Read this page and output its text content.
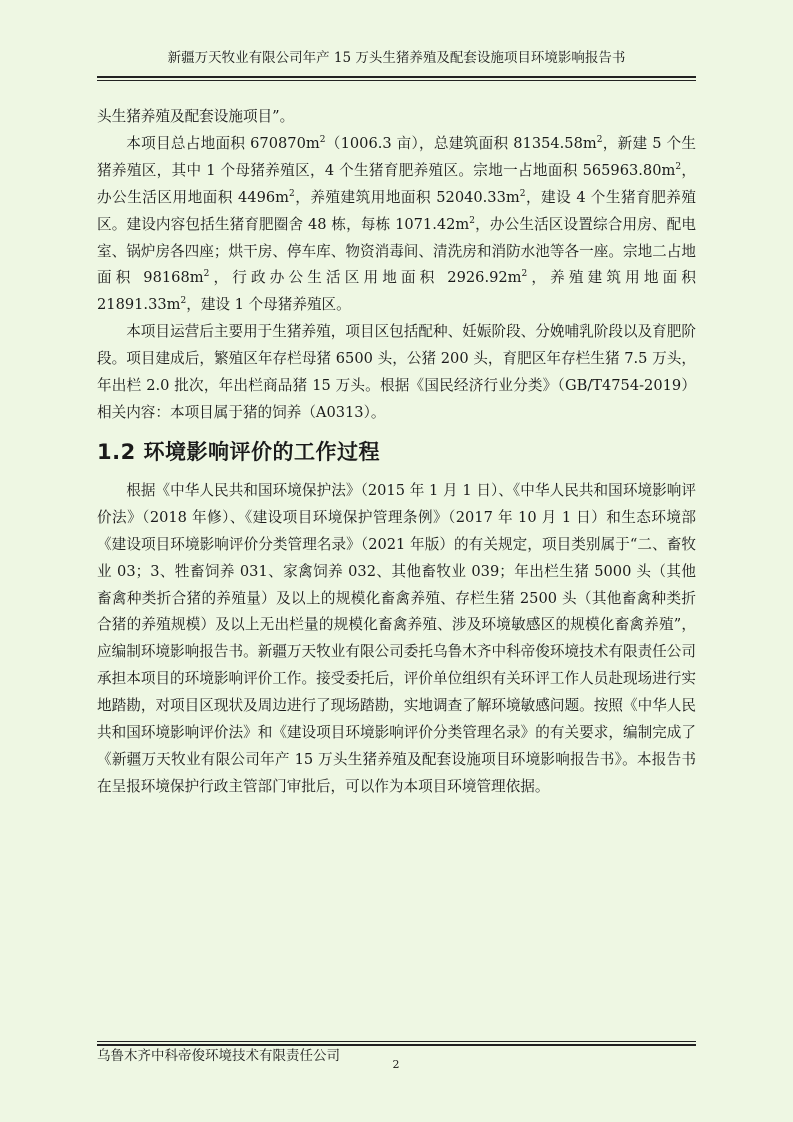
新疆万天牧业有限公司年产 15 万头生猪养殖及配套设施项目环境影响报告书

头生猪养殖及配套设施项目”。

本项目总占地面积 $670870m^2(1006.3$ 亩），总建筑面积 $81354.58m^2$，新建 5 个生猪养殖区，其中 1 个母猪养殖区，4 个生猪育肥养殖区。宗地一占地面积 $565963.80m^2$，办公生活区用地面积 $4496m^2$，养殖建筑用地面积 $52040.33m^2$，建设 4 个生猪育肥养殖区。建设内容包括生猪育肥圈舍 48 栋，每栋 $1071.42m^2$，办公生活区设置综合用房、配电室、锅炉房各四座；烘干房、停车库、物资消毒间、清洗房和消防水池等各一座。宗地二占地面积 $98168m^2$，行政办公生活区用地面积 $2926.92m^2$，养殖建筑用地面积 $21891.33m^2$，建设 1 个母猪养殖区。

本项目运营后主要用于生猪养殖，项目区包括配种、妊娠阶段、分娩哺乳阶段以及育肥阶段。项目建成后，繁殖区年存栏母猪 6500 头，公猪 200 头，育肥区年存栏生猪 7.5 万头，年出栏 2.0 批次，年出栏商品猪 15 万头。根据《国民经济行业分类》（GB/T4754-2019）相关内容：本项目属于猪的饲养（A0313）。

1.2 环境影响评价的工作过程

根据《中华人民共和国环境保护法》（2015 年 1 月 1 日）、《中华人民共和国环境影响评价法》（2018 年修）、《建设项目环境保护管理条例》（2017 年 10 月 1 日）和生态环境部《建设项目环境影响评价分类管理名录》（2021 年版）的有关规定，项目类别属于“二、畜牧业 03；3、牲畜饲养 031、家禽饲养 032、其他畜牧业 039；年出栏生猪 5000 头（其他畜禽种类折合猪的养殖量）及以上的规模化畜禽养殖、存栏生猪 2500 头（其他畜禽种类折合猪的养殖规模）及以上无出栏量的规模化畜禽养殖、涉及环境敏感区的规模化畜禽养殖”，应编制环境影响报告书。新疆万天牧业有限公司委托乌鲁木齐中科帝俊环境技术有限责任公司承担本项目的环境影响评价工作。接受委托后，评价单位组织有关环评工作人员赴现场进行实地踏勘，对项目区现状及周边进行了现场踏勘，实地调查了解环境敏感问题。按照《中华人民共和国环境影响评价法》和《建设项目环境影响评价分类管理名录》的有关要求，编制完成了《新疆万天牧业有限公司年产 15 万头生猪养殖及配套设施项目环境影响报告书》。本报告书在呈报环境保护行政主管部门审批后，可以作为本项目环境管理依据。

乌鲁木齐中科帝俊环境技术有限责任公司
2
